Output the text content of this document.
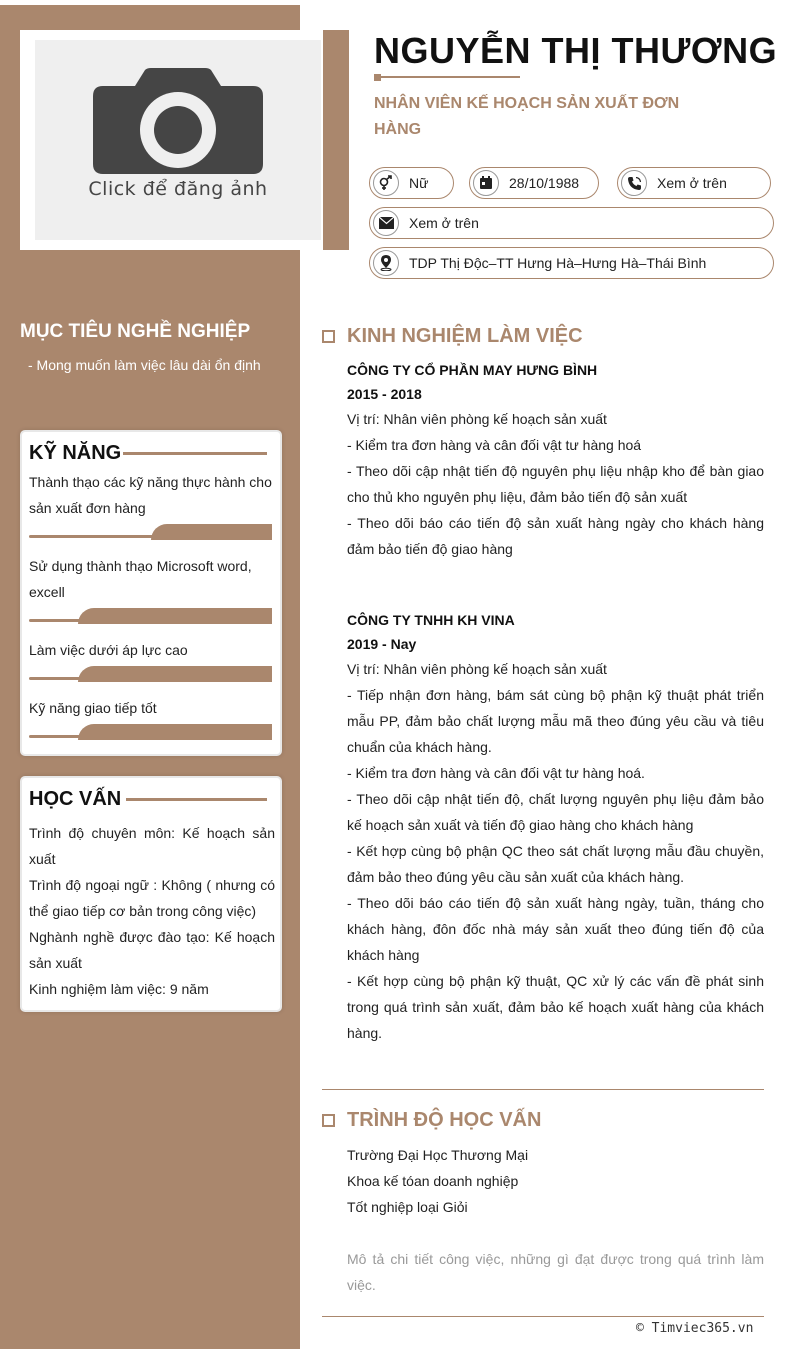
Click để đăng ảnh
NGUYỄN THỊ THƯƠNG
NHÂN VIÊN KẾ HOẠCH SẢN XUẤT ĐƠN HÀNG
Nữ	28/10/1988	Xem ở trên
Xem ở trên
TDP Thị Độc–TT Hưng Hà–Hưng Hà–Thái Bình
MỤC TIÊU NGHỀ NGHIỆP
- Mong muốn làm việc lâu dài ổn định
KỸ NĂNG
Thành thạo các kỹ năng thực hành cho sản xuất đơn hàng
Sử dụng thành thạo Microsoft word, excell
Làm việc dưới áp lực cao
Kỹ năng giao tiếp tốt
HỌC VẤN
Trình độ chuyên môn: Kế hoạch sản xuất
Trình độ ngoại ngữ : Không ( nhưng có thể giao tiếp cơ bản trong công việc)
Nghành nghề được đào tạo: Kế hoạch sản xuất
Kinh nghiệm làm việc: 9 năm
KINH NGHIỆM LÀM VIỆC
CÔNG TY CỔ PHẦN MAY HƯNG BÌNH
2015 - 2018
Vị trí: Nhân viên phòng kế hoạch sản xuất
- Kiểm tra đơn hàng và cân đối vật tư hàng hoá
- Theo dõi cập nhật tiến độ nguyên phụ liệu nhập kho để bàn giao cho thủ kho nguyên phụ liệu, đảm bảo tiến độ sản xuất
- Theo dõi báo cáo tiến độ sản xuất hàng ngày cho khách hàng đảm bảo tiến độ giao hàng
CÔNG TY TNHH KH VINA
2019 - Nay
Vị trí: Nhân viên phòng kế hoạch sản xuất
- Tiếp nhận đơn hàng, bám sát cùng bộ phận kỹ thuật phát triển mẫu PP, đảm bảo chất lượng mẫu mã theo đúng yêu cầu và tiêu chuẩn của khách hàng.
- Kiểm tra đơn hàng và cân đối vật tư hàng hoá.
- Theo dõi cập nhật tiến độ, chất lượng nguyên phụ liệu đảm bảo kế hoạch sản xuất và tiến độ giao hàng cho khách hàng
- Kết hợp cùng bộ phận QC theo sát chất lượng mẫu đầu chuyền, đảm bảo theo đúng yêu cầu sản xuất của khách hàng.
- Theo dõi báo cáo tiến độ sản xuất hàng ngày, tuần, tháng cho khách hàng, đôn đốc nhà máy sản xuất theo đúng tiến độ của khách hàng
- Kết hợp cùng bộ phận kỹ thuật, QC xử lý các vấn đề phát sinh trong quá trình sản xuất, đảm bảo kế hoạch xuất hàng của khách hàng.
TRÌNH ĐỘ HỌC VẤN
Trường Đại Học Thương Mại
Khoa kế tóan doanh nghiệp
Tốt nghiệp loại Giỏi
Mô tả chi tiết công việc, những gì đạt được trong quá trình làm việc.
© Timviec365.vn
